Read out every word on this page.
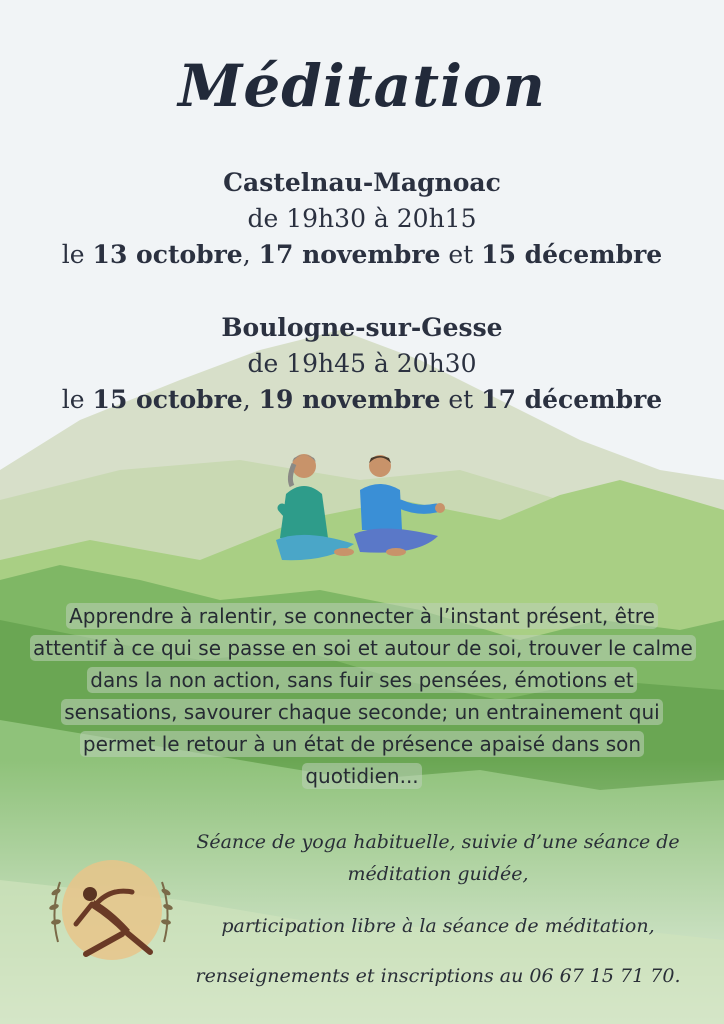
Méditation
Castelnau-Magnoac
de 19h30 à 20h15
le 13 octobre, 17 novembre et 15 décembre
Boulogne-sur-Gesse
de 19h45 à 20h30
le 15 octobre, 19 novembre et 17 décembre
Apprendre à ralentir, se connecter à l’instant présent, être attentif à ce qui se passe en soi et autour de soi, trouver le calme dans la non action, sans fuir ses pensées, émotions et sensations, savourer chaque seconde; un entrainement qui permet le retour à un état de présence apaisé dans son quotidien...
Séance de yoga habituelle, suivie d’une séance de méditation guidée,
participation libre à la séance de méditation,
renseignements et inscriptions au 06 67 15 71 70.
